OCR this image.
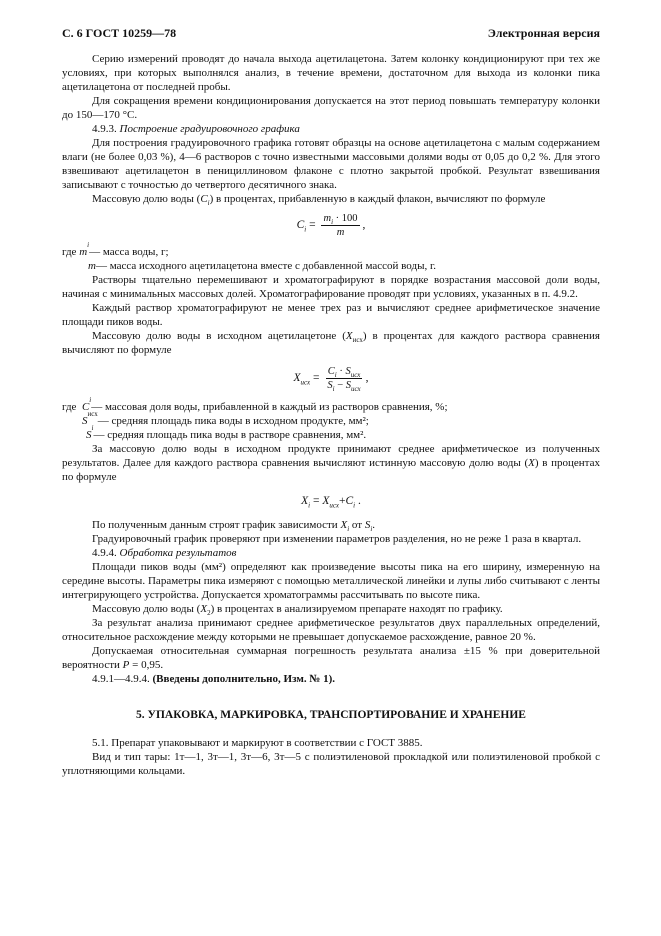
С. 6 ГОСТ 10259—78	Электронная версия

Серию измерений проводят до начала выхода ацетилацетона. Затем колонку кондиционируют при тех же условиях, при которых выполнялся анализ, в течение времени, достаточном для выхода из колонки пика ацетилацетона от последней пробы.

Для сокращения времени кондиционирования допускается на этот период повышать температуру колонки до 150—170 °С.

4.9.3. Построение градуировочного графика

Для построения градуировочного графика готовят образцы на основе ацетилацетона с малым содержанием влаги (не более 0,03 %), 4—6 растворов с точно известными массовыми долями воды от 0,05 до 0,2 %. Для этого взвешивают ацетилацетон в пенициллиновом флаконе с плотно закрытой пробкой. Результат взвешивания записывают с точностью до четвертого десятичного знака.

Массовую долю воды $(C_i)$ в процентах, прибавленную в каждый флакон, вычисляют по формуле

$C_i = \frac{m_i \cdot 100}{m}$ ,
где
m
i
— масса воды, г;
m — масса исходного ацетилацетона вместе с добавленной массой воды, г.

Растворы тщательно перемешивают и хроматографируют в порядке возрастания массовой доли воды, начиная с минимальных массовых долей. Хроматографирование проводят при условиях, указанных в п. 4.9.2.

Каждый раствор хроматографируют не менее трех раз и вычисляют среднее арифметическое значение площади пиков воды.

Массовую долю воды в исходном ацетилацетоне $(X_{исх})$ в процентах для каждого раствора сравнения вычисляют по формуле

$X_{исх} = \frac{C_i \cdot S_{исх}}{S_i - S_{исх}}$ ,
где
C
i
— массовая доля воды, прибавленной в каждый из растворов сравнения, %;
S
исх
— средняя площадь пика воды в исходном продукте, мм²;
S
i
— средняя площадь пика воды в растворе сравнения, мм².

За массовую долю воды в исходном продукте принимают среднее арифметическое из полученных результатов. Далее для каждого раствора сравнения вычисляют истинную массовую долю воды (X) в процентах по формуле

$X_i = X_{исх}+C_i$ .

По полученным данным строят график зависимости $X_i$ от $S_i$.

Градуировочный график проверяют при изменении параметров разделения, но не реже 1 раза в квартал.

4.9.4. Обработка результатов

Площади пиков воды (мм²) определяют как произведение высоты пика на его ширину, измеренную на середине высоты. Параметры пика измеряют с помощью металлической линейки и лупы либо считывают с ленты интегрирующего устройства. Допускается хроматограммы рассчитывать по высоте пика.

Массовую долю воды $(X_2)$ в процентах в анализируемом препарате находят по графику.

За результат анализа принимают среднее арифметическое результатов двух параллельных определений, относительное расхождение между которыми не превышает допускаемое расхождение, равное 20 %.

Допускаемая относительная суммарная погрешность результата анализа ±15 % при доверительной вероятности P = 0,95.

4.9.1—4.9.4. (Введены дополнительно, Изм. № 1).

5. УПАКОВКА, МАРКИРОВКА, ТРАНСПОРТИРОВАНИЕ И ХРАНЕНИЕ

5.1. Препарат упаковывают и маркируют в соответствии с ГОСТ 3885.

Вид и тип тары: 1т—1, 3т—1, 3т—6, 3т—5 с полиэтиленовой прокладкой или полиэтиленовой пробкой с уплотняющими кольцами.
